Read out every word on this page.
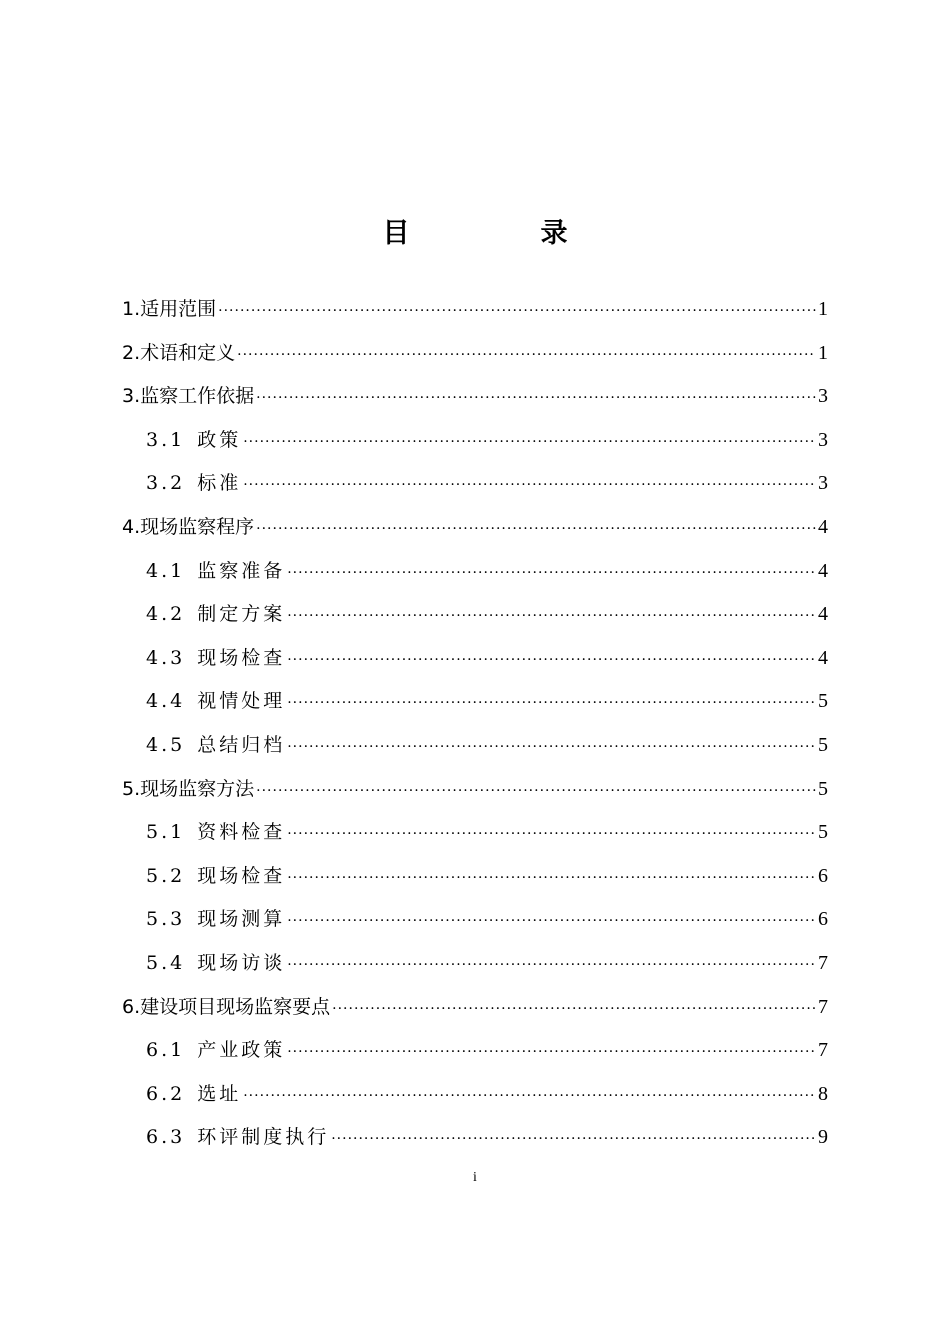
目　录
1.适用范围 ·····	1
2.术语和定义 ·····	1
3.监察工作依据 ·····	3
3.1 政策 ·····	3
3.2 标准 ·····	3
4.现场监察程序 ·····	4
4.1 监察准备 ·····	4
4.2 制定方案 ·····	4
4.3 现场检查 ·····	4
4.4 视情处理 ·····	5
4.5 总结归档 ·····	5
5.现场监察方法 ·····	5
5.1 资料检查 ·····	5
5.2 现场检查 ·····	6
5.3 现场测算 ·····	6
5.4 现场访谈 ·····	7
6.建设项目现场监察要点 ·····	7
6.1 产业政策 ·····	7
6.2 选址 ·····	8
6.3 环评制度执行 ·····	9
i
